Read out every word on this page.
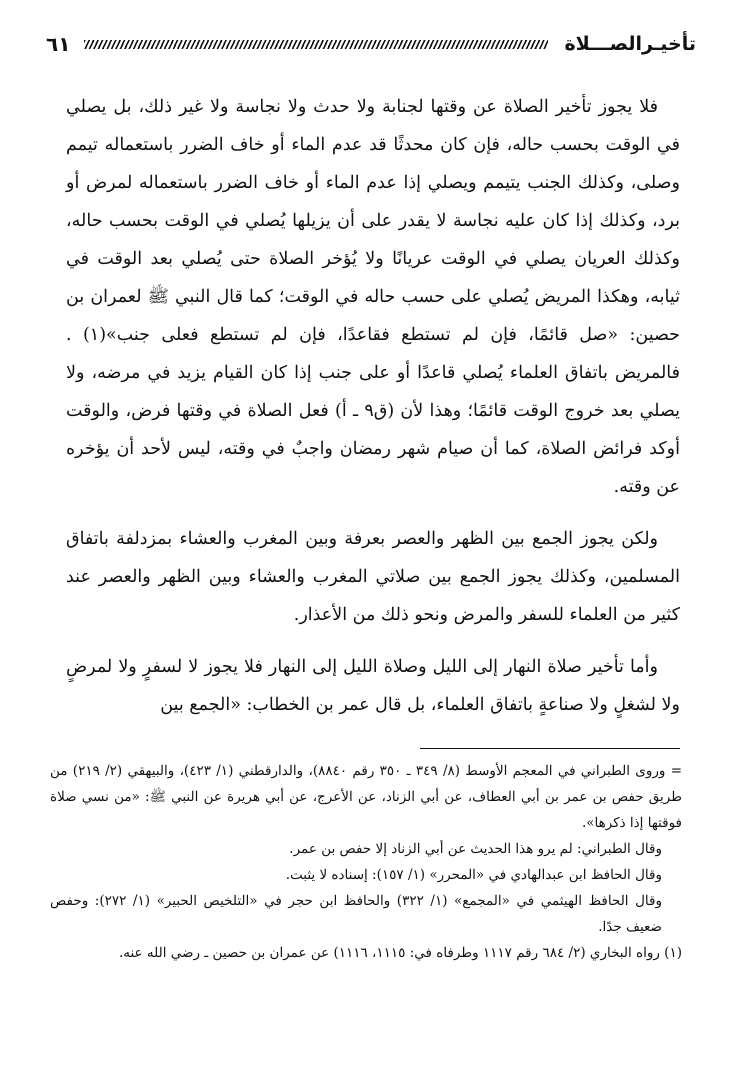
تأخيـرالصـــلاة
٦١

فلا يجوز تأخير الصلاة عن وقتها لجنابة ولا حدث ولا نجاسة ولا غير ذلك، بل يصلي في الوقت بحسب حاله، فإن كان محدثًا قد عدم الماء أو خاف الضرر باستعماله تيمم وصلى، وكذلك الجنب يتيمم ويصلي إذا عدم الماء أو خاف الضرر باستعماله لمرض أو برد، وكذلك إذا كان عليه نجاسة لا يقدر على أن يزيلها يُصلي في الوقت بحسب حاله، وكذلك العريان يصلي في الوقت عريانًا ولا يُؤخر الصلاة حتى يُصلي بعد الوقت في ثيابه، وهكذا المريض يُصلي على حسب حاله في الوقت؛ كما قال النبي ﷺ لعمران بن حصين: «صل قائمًا، فإن لم تستطع فقاعدًا، فإن لم تستطع فعلى جنب»(١) . فالمريض باتفاق العلماء يُصلي قاعدًا أو على جنب إذا كان القيام يزيد في مرضه، ولا يصلي بعد خروج الوقت قائمًا؛ وهذا لأن (ق٩ ـ أ) فعل الصلاة في وقتها فرض، والوقت أوكد فرائض الصلاة، كما أن صيام شهر رمضان واجبٌ في وقته، ليس لأحد أن يؤخره عن وقته.

ولكن يجوز الجمع بين الظهر والعصر بعرفة وبين المغرب والعشاء بمزدلفة باتفاق المسلمين، وكذلك يجوز الجمع بين صلاتي المغرب والعشاء وبين الظهر والعصر عند كثير من العلماء للسفر والمرض ونحو ذلك من الأعذار.

وأما تأخير صلاة النهار إلى الليل وصلاة الليل إلى النهار فلا يجوز لا لسفرٍ ولا لمرضٍ ولا لشغلٍ ولا صناعةٍ باتفاق العلماء، بل قال عمر بن الخطاب: «الجمع بين

= وروى الطبراني في المعجم الأوسط (٨/ ٣٤٩ ـ ٣٥٠ رقم ٨٨٤٠)، والدارقطني (١/ ٤٢٣)، والبيهقي (٢/ ٢١٩) من طريق حفص بن عمر بن أبي العطاف، عن أبي الزناد، عن الأعرج، عن أبي هريرة عن النبي ﷺ: «من نسي صلاة فوقتها إذا ذكرها».

وقال الطبراني: لم يرو هذا الحديث عن أبي الزناد إلا حفص بن عمر.

وقال الحافظ ابن عبدالهادي في «المحرر» (١/ ١٥٧): إسناده لا يثبت.

وقال الحافظ الهيثمي في «المجمع» (١/ ٣٢٢) والحافظ ابن حجر في «التلخيص الحبير» (١/ ٢٧٢): وحفص ضعيف جدًا.

(١) رواه البخاري (٢/ ٦٨٤ رقم ١١١٧ وطرفاه في: ١١١٥، ١١١٦) عن عمران بن حصين ـ رضي الله عنه.
